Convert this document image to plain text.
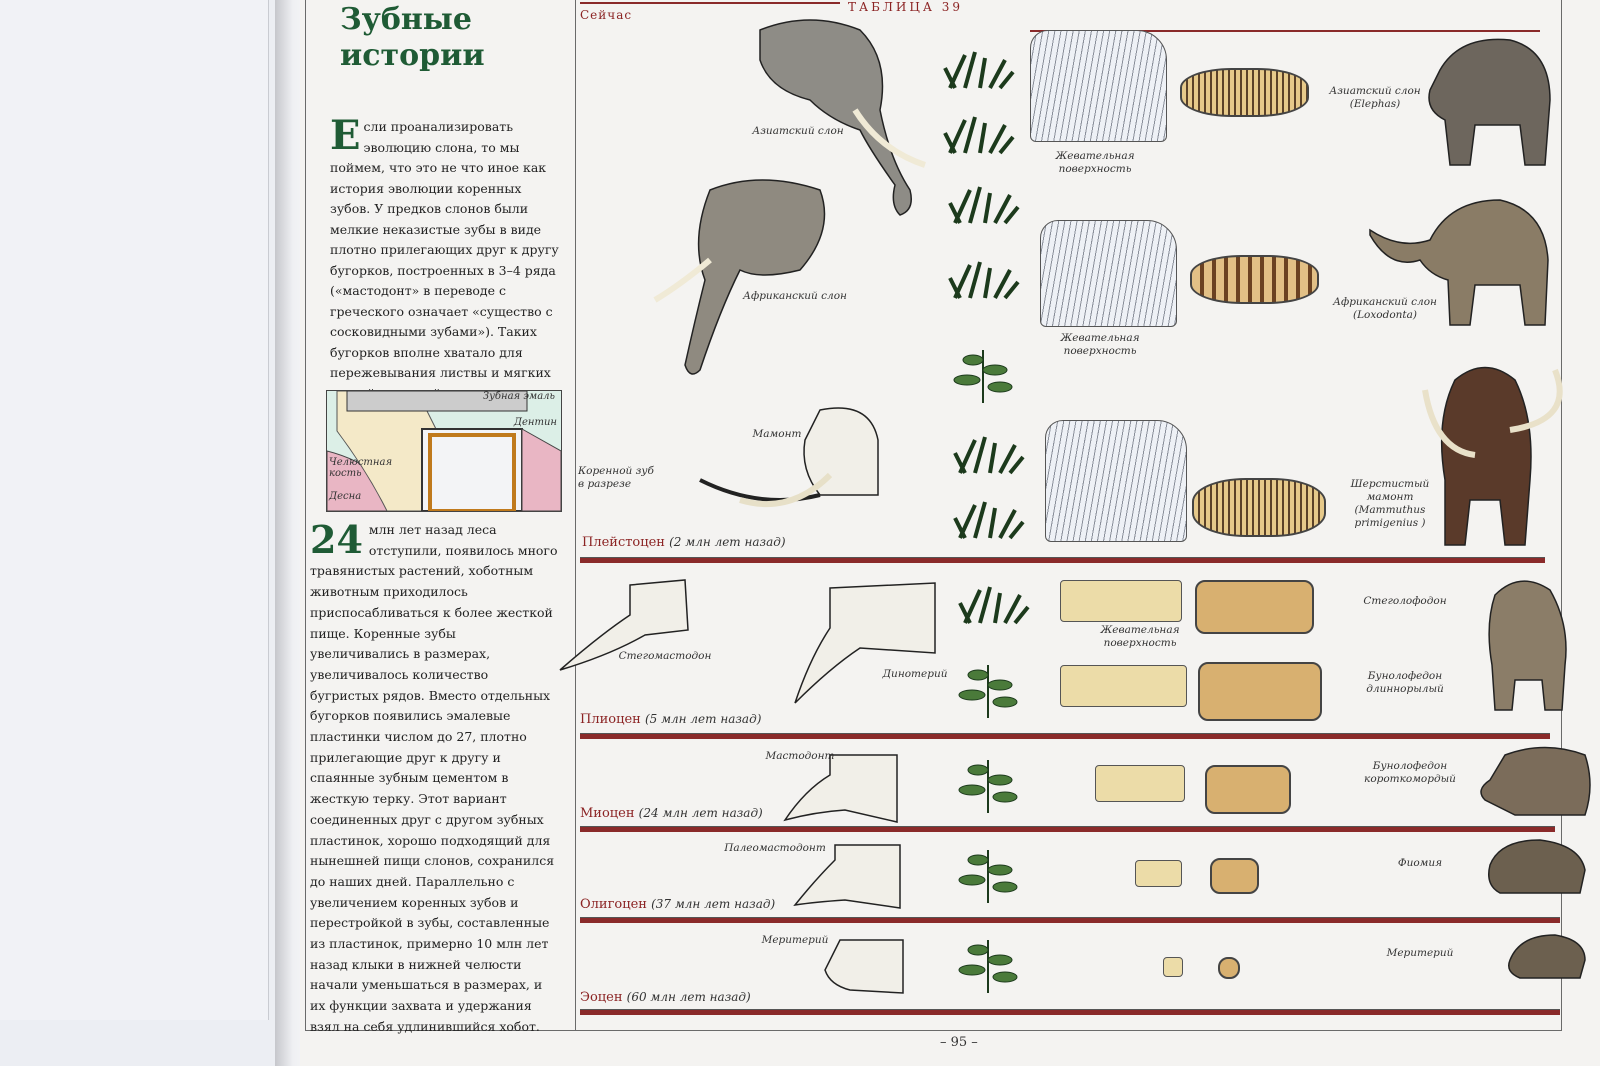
Зубные истории
Е сли проанализировать эволюцию слона, то мы поймем, что это не что иное как история эволюции коренных зубов. У предков слонов были мелкие неказистые зубы в виде плотно прилегающих друг к другу бугорков, построенных в 3–4 ряда («мастодонт» в переводе с греческого означает «существо с сосковидными зубами»). Таких бугорков вполне хватало для пережевывания листвы и мягких
Зубная эмаль
Дентин
Челюстная кость
Десна
24 млн лет назад леса отступили, появилось много травянистых растений, хоботным животным приходилось приспосабливаться к более жесткой пище. Коренные зубы увеличивались в размерах, увеличивалось количество бугристых рядов. Вместо отдельных бугорков появились эмалевые пластинки числом до 27, плотно прилегающие друг к другу и спаянные зубным цементом в жесткую терку. Этот вариант соединенных друг с другом зубных пластинок, хорошо подходящий для нынешней пищи слонов, сохранился до наших дней. Параллельно с увеличением коренных зубов и перестройкой в зубы, составленные из пластинок, примерно 10 млн лет назад клыки в нижней челюсти начали уменьшаться в размерах, и их функции захвата и удержания взял на себя удлинившийся хобот.
ТАБЛИЦА 39
Сейчас
Плейстоцен (2 млн лет назад)
Плиоцен (5 млн лет назад)
Миоцен (24 млн лет назад)
Олигоцен (37 млн лет назад)
Эоцен (60 млн лет назад)
Азиатский слон
Африканский слон
Мамонт
Коренной зуб в разрезе
Жевательная поверхность
Жевательная поверхность
Жевательная поверхность
Стегомастодон
Динотерий
Мастодонт
Палеомастодонт
Меритерий
Азиатский слон (Elephas)
Африканский слон (Loxodonta)
Шерстистый мамонт (Mammuthus primigenius )
Стеголофодон
Бунолофедон длиннорылый
Бунолофедон короткомордый
Фиомия
Меритерий
– 95 –
